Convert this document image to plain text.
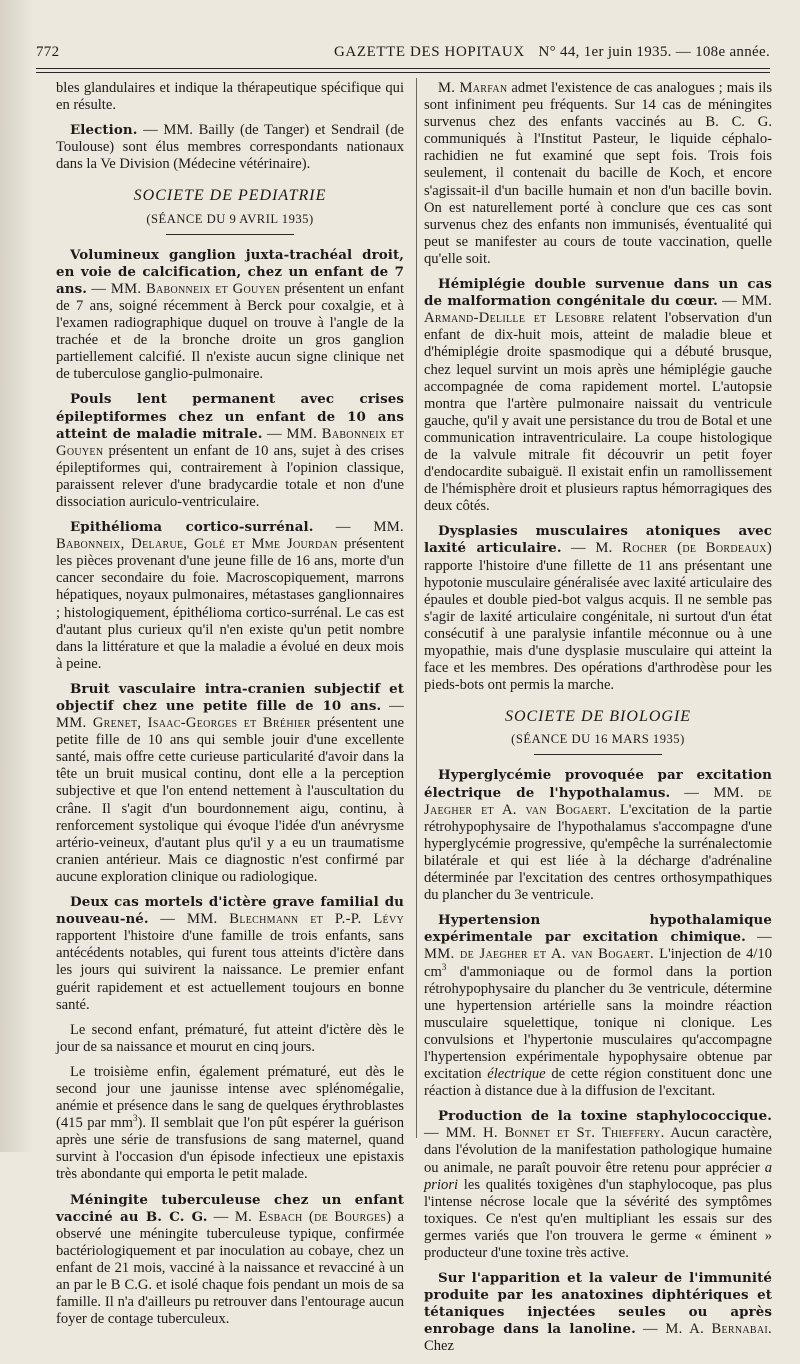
772	GAZETTE DES HOPITAUX N° 44, 1er juin 1935. — 108e année.

bles glandulaires et indique la thérapeutique spécifique qui en résulte.

Election. — MM. Bailly (de Tanger) et Sendrail (de Toulouse) sont élus membres correspondants nationaux dans la Ve Division (Médecine vétérinaire).

SOCIETE DE PEDIATRIE
(SÉANCE DU 9 AVRIL 1935)

Volumineux ganglion juxta-trachéal droit, en voie de calcification, chez un enfant de 7 ans. — MM. Babonneix et Gouyen présentent un enfant de 7 ans, soigné récemment à Berck pour coxalgie, et à l'examen radiographique duquel on trouve à l'angle de la trachée et de la bronche droite un gros ganglion partiellement calcifié. Il n'existe aucun signe clinique net de tuberculose ganglio-pulmonaire.

Pouls lent permanent avec crises épileptiformes chez un enfant de 10 ans atteint de maladie mitrale. — MM. Babonneix et Gouyen présentent un enfant de 10 ans, sujet à des crises épileptiformes qui, contrairement à l'opinion classique, paraissent relever d'une bradycardie totale et non d'une dissociation auriculo-ventriculaire.

Epithélioma cortico-surrénal. — MM. Babonneix, Delarue, Golé et Mme Jourdan présentent les pièces provenant d'une jeune fille de 16 ans, morte d'un cancer secondaire du foie. Macroscopiquement, marrons hépatiques, noyaux pulmonaires, métastases ganglionnaires ; histologiquement, épithélioma cortico-surrénal. Le cas est d'autant plus curieux qu'il n'en existe qu'un petit nombre dans la littérature et que la maladie a évolué en deux mois à peine.

Bruit vasculaire intra-cranien subjectif et objectif chez une petite fille de 10 ans. — MM. Grenet, Isaac-Georges et Bréhier présentent une petite fille de 10 ans qui semble jouir d'une excellente santé, mais offre cette curieuse particularité d'avoir dans la tête un bruit musical continu, dont elle a la perception subjective et que l'on entend nettement à l'auscultation du crâne. Il s'agit d'un bourdonnement aigu, continu, à renforcement systolique qui évoque l'idée d'un anévrysme artério-veineux, d'autant plus qu'il y a eu un traumatisme cranien antérieur. Mais ce diagnostic n'est confirmé par aucune exploration clinique ou radiologique.

Deux cas mortels d'ictère grave familial du nouveau-né. — MM. Blechmann et P.-P. Lévy rapportent l'histoire d'une famille de trois enfants, sans antécédents notables, qui furent tous atteints d'ictère dans les jours qui suivirent la naissance. Le premier enfant guérit rapidement et est actuellement toujours en bonne santé.

Le second enfant, prématuré, fut atteint d'ictère dès le jour de sa naissance et mourut en cinq jours.

Le troisième enfin, également prématuré, eut dès le second jour une jaunisse intense avec splénomégalie, anémie et présence dans le sang de quelques érythroblastes (415 par $mm^3$). Il semblait que l'on pût espérer la guérison après une série de transfusions de sang maternel, quand survint à l'occasion d'un épisode infectieux une epistaxis très abondante qui emporta le petit malade.

Méningite tuberculeuse chez un enfant vacciné au B. C. G. — M. Esbach (de Bourges) a observé une méningite tuberculeuse typique, confirmée bactériologiquement et par inoculation au cobaye, chez un enfant de 21 mois, vacciné à la naissance et revacciné à un an par le B C.G. et isolé chaque fois pendant un mois de sa famille. Il n'a d'ailleurs pu retrouver dans l'entourage aucun foyer de contage tuberculeux.

M. Marfan admet l'existence de cas analogues ; mais ils sont infiniment peu fréquents. Sur 14 cas de méningites survenus chez des enfants vaccinés au B. C. G. communiqués à l'Institut Pasteur, le liquide céphalo-rachidien ne fut examiné que sept fois. Trois fois seulement, il contenait du bacille de Koch, et encore s'agissait-il d'un bacille humain et non d'un bacille bovin. On est naturellement porté à conclure que ces cas sont survenus chez des enfants non immunisés, éventualité qui peut se manifester au cours de toute vaccination, quelle qu'elle soit.

Hémiplégie double survenue dans un cas de malformation congénitale du cœur. — MM. Armand-Delille et Lesobre relatent l'observation d'un enfant de dix-huit mois, atteint de maladie bleue et d'hémiplégie droite spasmodique qui a débuté brusque, chez lequel survint un mois après une hémiplégie gauche accompagnée de coma rapidement mortel. L'autopsie montra que l'artère pulmonaire naissait du ventricule gauche, qu'il y avait une persistance du trou de Botal et une communication intraventriculaire. La coupe histologique de la valvule mitrale fit découvrir un petit foyer d'endocardite subaiguë. Il existait enfin un ramollissement de l'hémisphère droit et plusieurs raptus hémorragiques des deux côtés.

Dysplasies musculaires atoniques avec laxité articulaire. — M. Rocher (de Bordeaux) rapporte l'histoire d'une fillette de 11 ans présentant une hypotonie musculaire généralisée avec laxité articulaire des épaules et double pied-bot valgus acquis. Il ne semble pas s'agir de laxité articulaire congénitale, ni surtout d'un état consécutif à une paralysie infantile méconnue ou à une myopathie, mais d'une dysplasie musculaire qui atteint la face et les membres. Des opérations d'arthrodèse pour les pieds-bots ont permis la marche.

SOCIETE DE BIOLOGIE
(SÉANCE DU 16 MARS 1935)

Hyperglycémie provoquée par excitation électrique de l'hypothalamus. — MM. de Jaegher et A. van Bogaert. L'excitation de la partie rétrohypophysaire de l'hypothalamus s'accompagne d'une hyperglycémie progressive, qu'empêche la surrénalectomie bilatérale et qui est liée à la décharge d'adrénaline déterminée par l'excitation des centres orthosympathiques du plancher du 3e ventricule.

Hypertension hypothalamique expérimentale par excitation chimique. — MM. de Jaegher et A. van Bogaert. L'injection de 4/10 $cm^3$ d'ammoniaque ou de formol dans la portion rétrohypophysaire du plancher du 3e ventricule, détermine une hypertension artérielle sans la moindre réaction musculaire squelettique, tonique ni clonique. Les convulsions et l'hypertonie musculaires qu'accompagne l'hypertension expérimentale hypophysaire obtenue par excitation électrique de cette région constituent donc une réaction à distance due à la diffusion de l'excitant.

Production de la toxine staphylococcique. — MM. H. Bonnet et St. Thieffery. Aucun caractère, dans l'évolution de la manifestation pathologique humaine ou animale, ne paraît pouvoir être retenu pour apprécier a priori les qualités toxigènes d'un staphylocoque, pas plus l'intense nécrose locale que la sévérité des symptômes toxiques. Ce n'est qu'en multipliant les essais sur des germes variés que l'on trouvera le germe « éminent » producteur d'une toxine très active.

Sur l'apparition et la valeur de l'immunité produite par les anatoxines diphtériques et tétaniques injectées seules ou après enrobage dans la lanoline. — M. A. Bernabai. Chez
